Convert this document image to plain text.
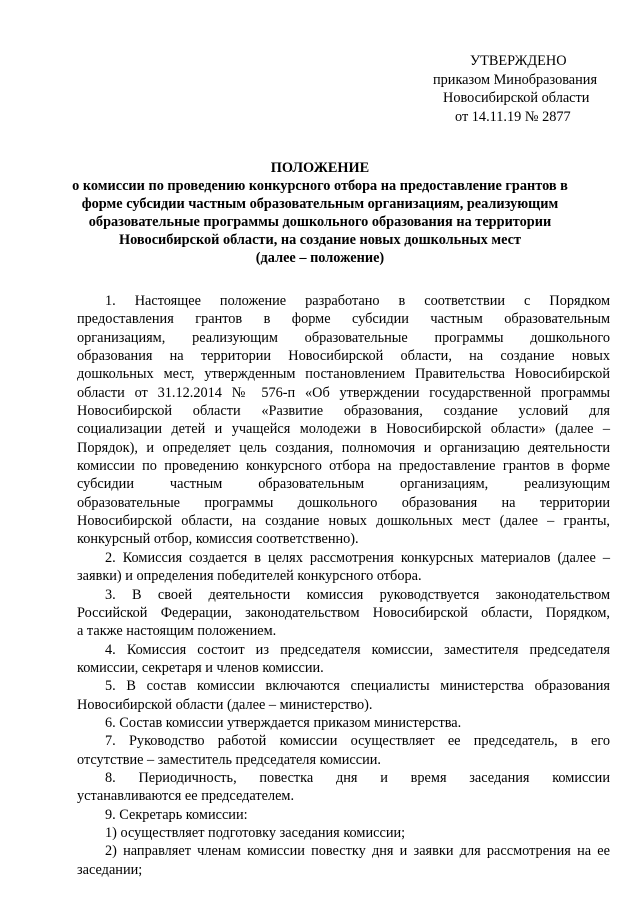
УТВЕРЖДЕНО
приказом Минобразования
Новосибирской области
от 14.11.19 № 2877
ПОЛОЖЕНИЕ
о комиссии по проведению конкурсного отбора на предоставление грантов в
форме субсидии частным образовательным организациям, реализующим
образовательные программы дошкольного образования на территории
Новосибирской области, на создание новых дошкольных мест
(далее – положение)

1. Настоящее положение разработано в соответствии с Порядком
предоставления грантов в форме субсидии частным образовательным
организациям, реализующим образовательные программы дошкольного
образования на территории Новосибирской области, на создание новых
дошкольных мест, утвержденным постановлением Правительства Новосибирской
области от 31.12.2014 № 576-п «Об утверждении государственной программы
Новосибирской области «Развитие образования, создание условий для
социализации детей и учащейся молодежи в Новосибирской области» (далее –
Порядок), и определяет цель создания, полномочия и организацию деятельности
комиссии по проведению конкурсного отбора на предоставление грантов в форме
субсидии частным образовательным организациям, реализующим
образовательные программы дошкольного образования на территории
Новосибирской области, на создание новых дошкольных мест (далее – гранты,
конкурсный отбор, комиссия соответственно).

2. Комиссия создается в целях рассмотрения конкурсных материалов (далее –
заявки) и определения победителей конкурсного отбора.

3. В своей деятельности комиссия руководствуется законодательством
Российской Федерации, законодательством Новосибирской области, Порядком,
а также настоящим положением.

4. Комиссия состоит из председателя комиссии, заместителя председателя
комиссии, секретаря и членов комиссии.

5. В состав комиссии включаются специалисты министерства образования
Новосибирской области (далее – министерство).

6. Состав комиссии утверждается приказом министерства.

7. Руководство работой комиссии осуществляет ее председатель, в его
отсутствие – заместитель председателя комиссии.

8. Периодичность, повестка дня и время заседания комиссии
устанавливаются ее председателем.

9. Секретарь комиссии:

1) осуществляет подготовку заседания комиссии;

2) направляет членам комиссии повестку дня и заявки для рассмотрения на ее
заседании;
